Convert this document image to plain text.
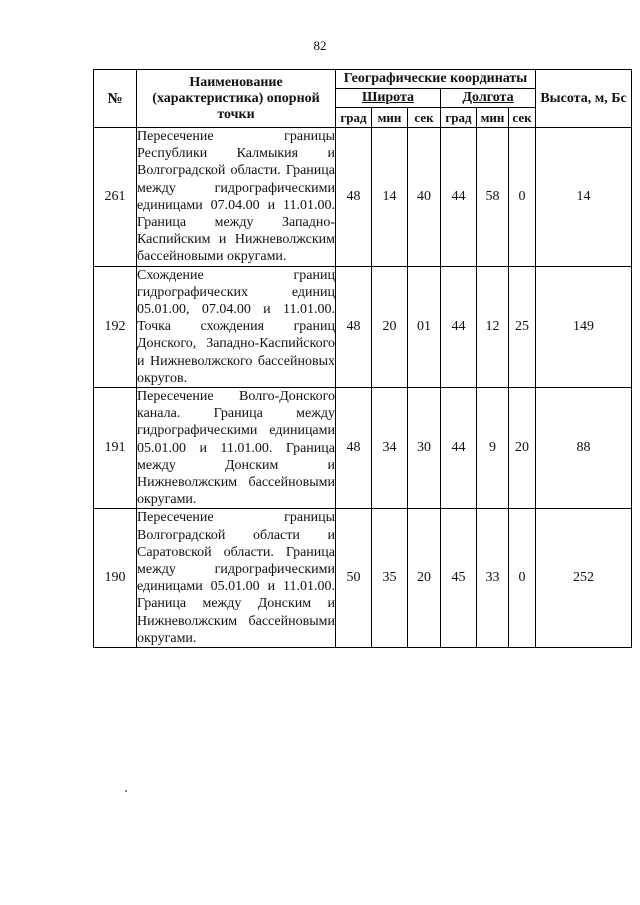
82
№	Наименование (характеристика) опорной точки	Географические координаты						Высота, м, Бс
		Широта			Долгота			
		град	мин	сек	град	мин	сек	
261	Пересечение границы Республики Калмыкия и Волгоградской области. Граница между гидрографическими единицами 07.04.00 и 11.01.00. Граница между Западно-Каспийским и Нижневолжским бассейновыми округами.	48	14	40	44	58	0	14
192	Схождение границ гидрографических единиц 05.01.00, 07.04.00 и 11.01.00. Точка схождения границ Донского, Западно-Каспийского и Нижневолжского бассейновых округов.	48	20	01	44	12	25	149
191	Пересечение Волго-Донского канала. Граница между гидрографическими единицами 05.01.00 и 11.01.00. Граница между Донским и Нижневолжским бассейновыми округами.	48	34	30	44	9	20	88
190	Пересечение границы Волгоградской области и Саратовской области. Граница между гидрографическими единицами 05.01.00 и 11.01.00. Граница между Донским и Нижневолжским бассейновыми округами.	50	35	20	45	33	0	252
